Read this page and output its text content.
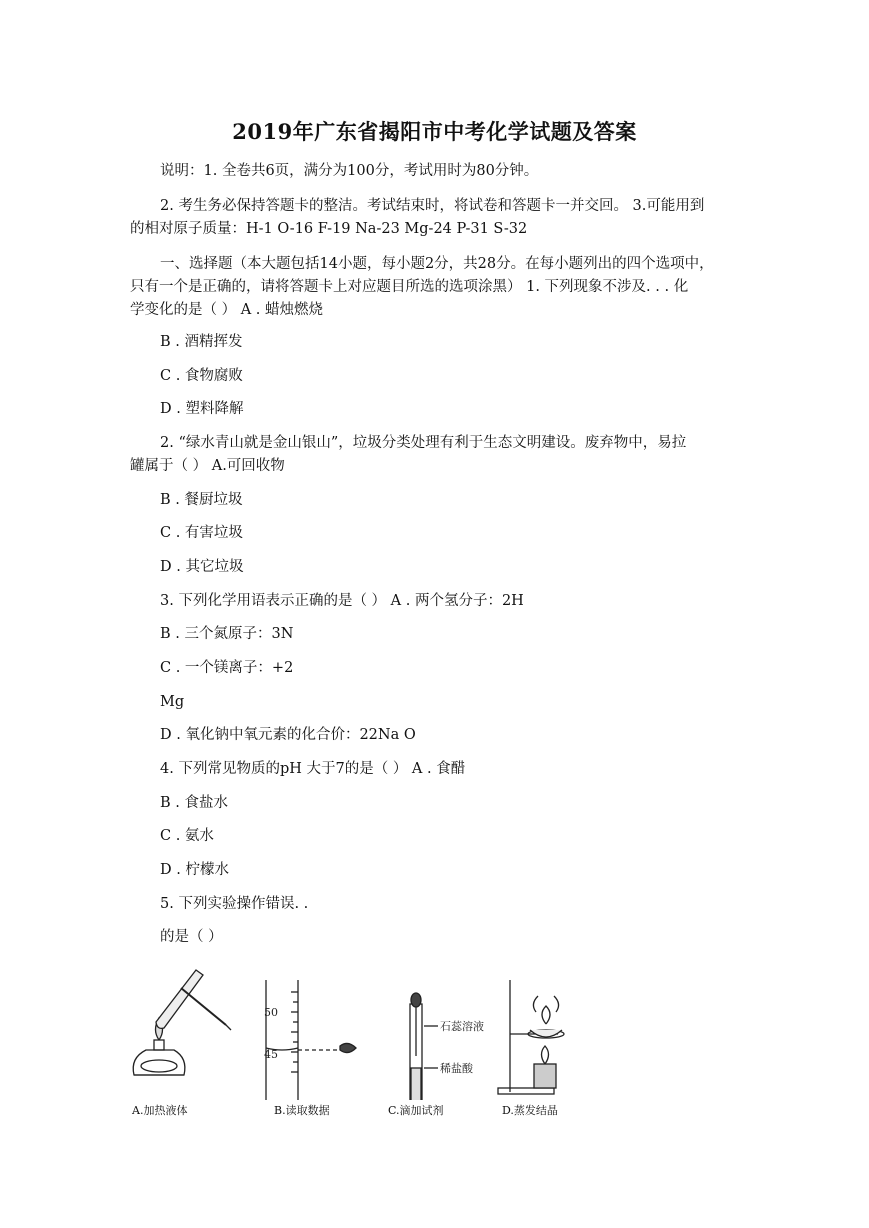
2019年广东省揭阳市中考化学试题及答案
说明：1. 全卷共6页，满分为100分，考试用时为80分钟。
2. 考生务必保持答题卡的整洁。考试结束时，将试卷和答题卡一并交回。 3.可能用到
的相对原子质量：H-1 O-16 F-19 Na-23 Mg-24 P-31 S-32
一、选择题（本大题包括14小题，每小题2分，共28分。在每小题列出的四个选项中，
只有一个是正确的，请将答题卡上对应题目所选的选项涂黑） 1. 下列现象不涉及. . . 化
学变化的是（ ） A . 蜡烛燃烧
B . 酒精挥发
C . 食物腐败
D . 塑料降解
2. “绿水青山就是金山银山”，垃圾分类处理有利于生态文明建设。废弃物中，易拉
罐属于（ ） A.可回收物
B . 餐厨垃圾
C . 有害垃圾
D . 其它垃圾
3. 下列化学用语表示正确的是（ ） A . 两个氢分子：2H
B . 三个氮原子：3N
C . 一个镁离子：+2
Mg
D . 氧化钠中氧元素的化合价：22Na O
4. 下列常见物质的pH 大于7的是（ ） A . 食醋
B . 食盐水
C . 氨水
D . 柠檬水
5. 下列实验操作错误. .
的是（ ）
50
45
石蕊溶液
稀盐酸
A.加热液体	B.读取数据	C.滴加试剂	D.蒸发结晶
